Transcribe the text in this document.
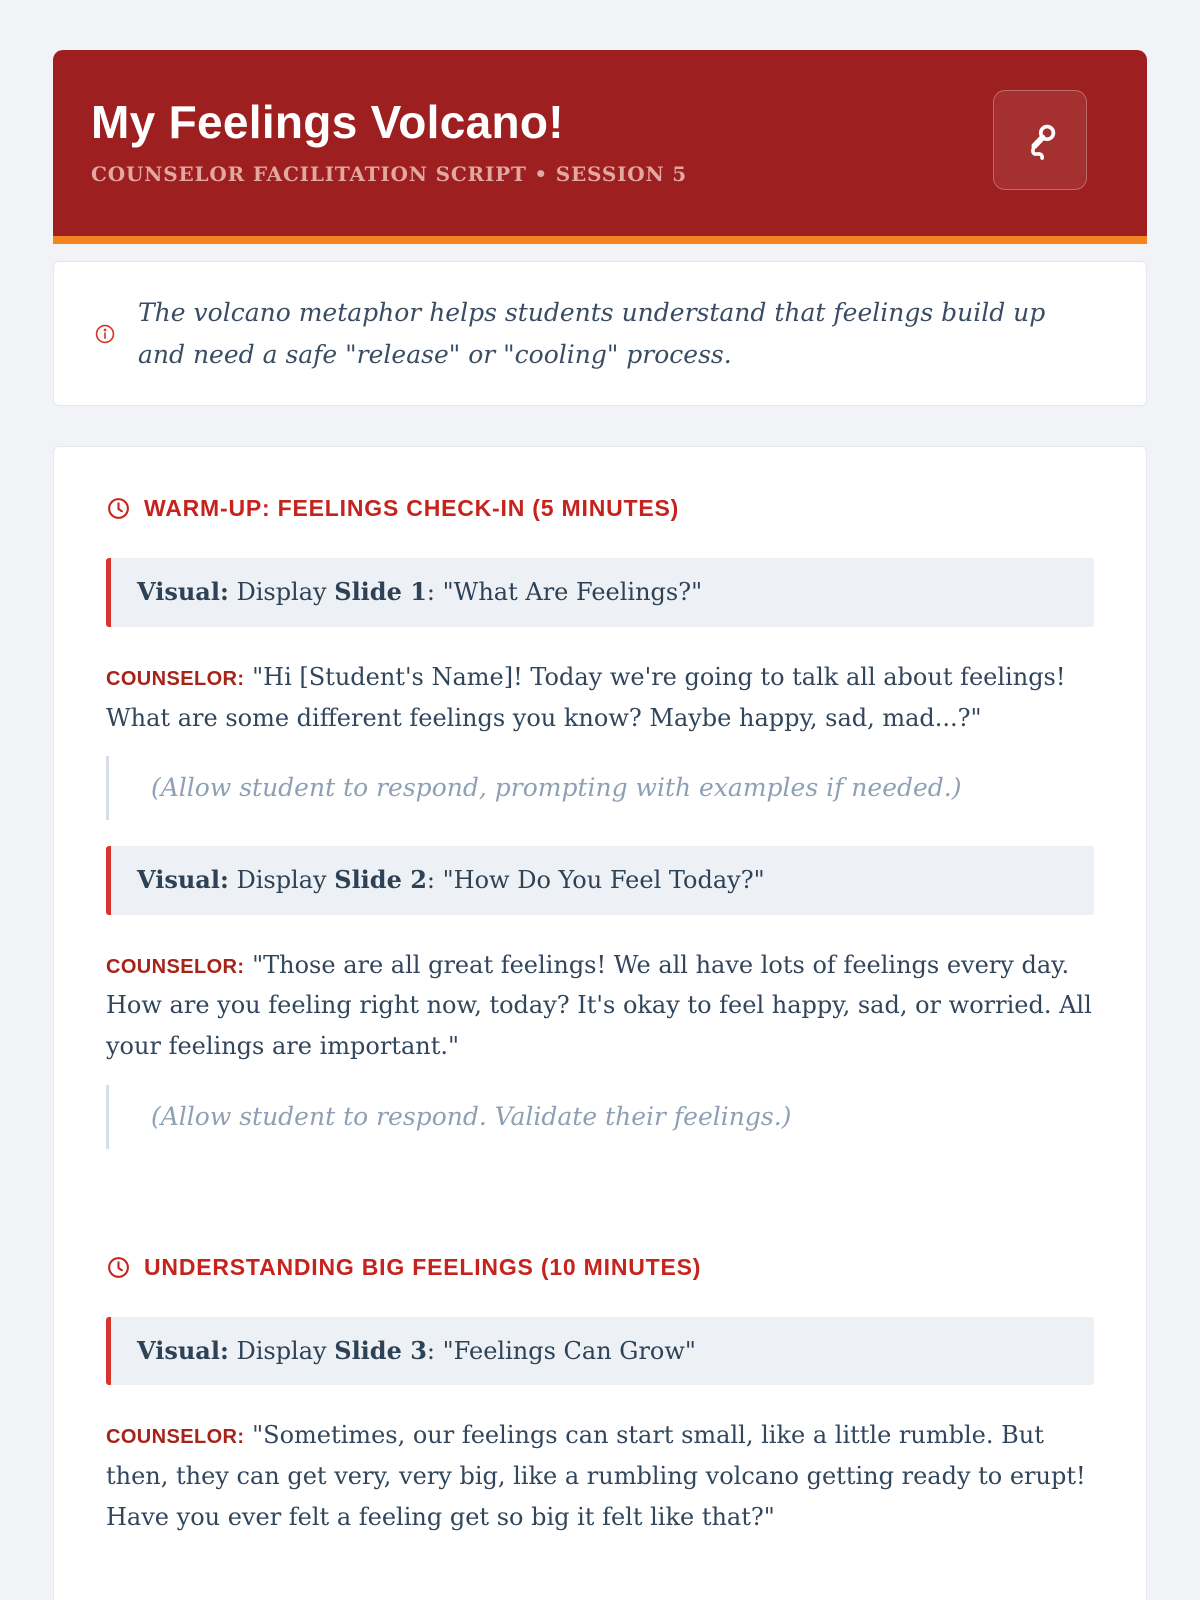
My Feelings Volcano!
COUNSELOR FACILITATION SCRIPT • SESSION 5

The volcano metaphor helps students understand that feelings build up and need a safe "release" or "cooling" process.

WARM-UP: FEELINGS CHECK-IN (5 MINUTES)
Visual: Display Slide 1: "What Are Feelings?"

COUNSELOR: "Hi [Student's Name]! Today we're going to talk all about feelings! What are some different feelings you know? Maybe happy, sad, mad...?"

(Allow student to respond, prompting with examples if needed.)

Visual: Display Slide 2: "How Do You Feel Today?"

COUNSELOR: "Those are all great feelings! We all have lots of feelings every day. How are you feeling right now, today? It's okay to feel happy, sad, or worried. All your feelings are important."

(Allow student to respond. Validate their feelings.)

UNDERSTANDING BIG FEELINGS (10 MINUTES)
Visual: Display Slide 3: "Feelings Can Grow"

COUNSELOR: "Sometimes, our feelings can start small, like a little rumble. But then, they can get very, very big, like a rumbling volcano getting ready to erupt! Have you ever felt a feeling get so big it felt like that?"
